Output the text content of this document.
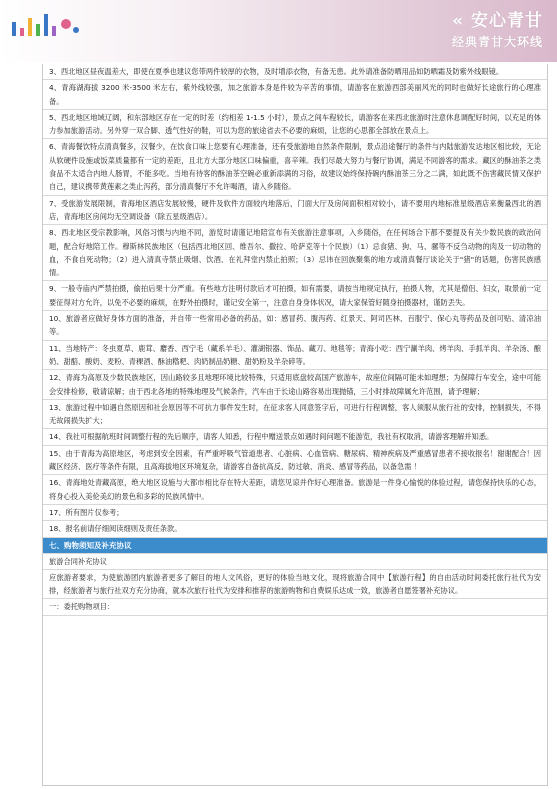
« 安心青甘
经典青甘大环线
3、西北地区昼夜温差大，即使在夏季也建议您带两件较厚的衣物，及时增添衣物，有备无患。此外请准备防晒用品如防晒霜及防紫外线眼镜。
4、青海湖海拔 3200 米-3500 米左右，紫外线较强，加之旅游本身是件较为辛苦的事情，请游客在旅游西部美丽风光的同时也做好长途旅行的心理准备。
5、西北地区地域辽阔，和东部地区存在一定的时差（约相差 1-1.5 小时），景点之间车程较长，请游客在来西北旅游时注意休息调配好时间，以充足的体力参加旅游活动。另外穿一双合脚、透气性好的鞋，可以为您的旅途省去不必要的麻烦，让您的心思都全部放在景点上。
6、青海餐饮特点清真餐多，汉餐少，在饮食口味上您要有心理准备，还有受旅游地自然条件限制，景点沿途餐厅的条件与内陆旅游发达地区相比较，无论从软硬件设施或饭菜质量都有一定的差距，且北方大部分地区口味偏重，喜辛辣。我们尽最大努力与餐厅协调，满足不同游客的需求。藏区的酥油茶之类食品不太适合内地人肠胃，不能多吃。当地有待客的酥油茶空碗必重新添满的习俗，故建议始终保持碗内酥油茶三分之二满，如此既不伤害藏民情又保护自己，建议携带黄莲素之类止泻药，部分清真餐厅不允许喝酒，请入乡随俗。
7、受旅游发展限制，青海地区酒店发展较慢，硬件及软件方面较内地落后，门面大厅及房间面积相对较小，请不要用内地标准星级酒店来衡量西北的酒店，青海地区房间均无空调设备（除五星级酒店）。
8、西北地区受宗教影响，风俗习惯与内地不同，游览时请谨记地陪宣布有关旅游注意事项，入乡随俗，在任何场合下都不要提及有关少数民族的政治问题，配合好地陪工作。穆斯林民族地区（包括西北地区回、维吾尔、撒拉、哈萨克等十个民族）（1）忌食猪、狗、马、骡等不反刍动物的肉及一切动物的血，不食自死动物；（2）进入清真寺禁止吸烟、饮酒、在礼拜堂内禁止拍照；（3）忌讳在回族聚集的地方或清真餐厅谈论关于"猪"的话题，伤害民族感情。
9、一般寺庙内严禁拍摄，偷拍后果十分严重。有些地方注明付款后才可拍摄，如有需要，请按当地规定执行，拍摄人物，尤其是僧侣、妇女，取景前一定要征得对方允许，以免不必要的麻烦，在野外拍摄时，谨记安全第一，注意自身身体状况，请大家保管好随身拍摄器材，谨防丢失。
10、旅游者应做好身体方面的准备，并自带一些常用必备的药品，如：感冒药、腹泻药、红景天、阿司匹林、百服宁、保心丸等药品及创可贴、清凉油等。
11、当地特产：冬虫夏草、鹿茸、麝香、西宁毛（藏系羊毛）、灌湖银器、饰品、藏刀、地毯等；青海小吃：西宁涮羊肉、烤羊肉、手抓羊肉、羊杂汤、酿奶、甜醅、酸奶、麦粉、青稞酒、酥油糌粑、肉奶制品奶糖、甜奶粉及羊杂碎等。
12、青海为高原及少数民族地区，因山路较多且地理环境比较特殊，只适用底盘较高国产旅游车，故座位间隔可能未如理想；为保障行车安全，途中可能会安排检修，敬请谅解；由于西北各地的特殊地理及气候条件，汽车由于长途山路容易出现抛锚，三小时排故障属允许范围，请予理解；
13、旅游过程中如遇自然原因和社会原因等不可抗力事件发生时，在征求客人同意签字后，可进行行程调整，客人须服从旅行社的安排，控制损失，不得无故闹损失扩大；
14、我社可根据航班时间调整行程的先后顺序，请客人知悉，行程中赠送景点如遇时间问题不能游览，我社有权取消，请游客理解并知悉。
15、由于青海为高原地区，考虑到安全因素，有严重呼吸气管道患者、心脏病、心血管病、糖尿病、精神疾病及严重感冒患者不接收报名！谢谢配合！因藏区经济、医疗等条件有限，且高海拔地区环境复杂，请游客自备抗高反、防过敏、消炎、感冒等药品，以备急需 ！
16、青海地处青藏高原，绝大地区设施与大都市相比存在特大差距，请您见谅并作好心理准备。旅游是一件身心愉悦的体验过程，请您保持快乐的心态，将身心投入美伦美幻的景色和多彩的民族风情中。
17、所有图片仅参考；
18、报名前请仔细阅读细则及责任条款。
七、购物须知及补充协议
旅游合同补充协议
应旅游者要求，为使旅游团内旅游者更多了解目的地人文风俗，更好的体验当地文化，现将旅游合同中【旅游行程】的自由活动时间委托旅行社代为安排，经旅游者与旅行社双方充分协商，就本次旅行社代为安排和推荐的旅游购物和自费娱乐达成一致，旅游者自愿签署补充协议。
一：委托购物项目：
